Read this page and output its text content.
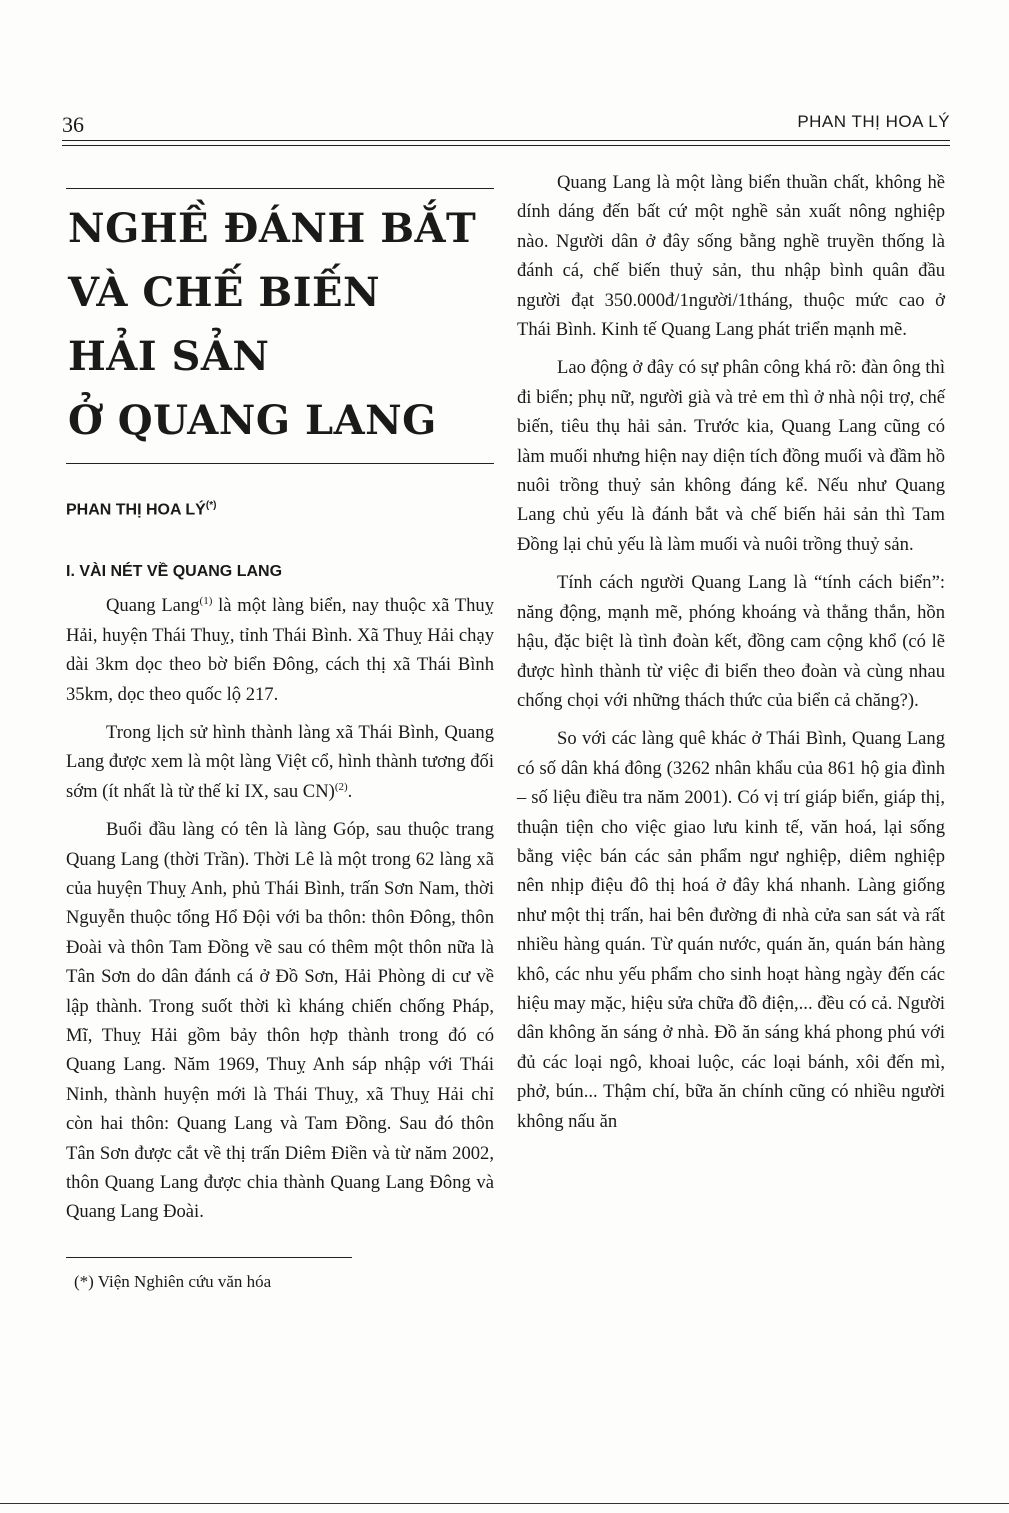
36	PHAN THỊ HOA LÝ
NGHỀ ĐÁNH BẮT
VÀ CHẾ BIẾN
HẢI SẢN
Ở QUANG LANG
PHAN THỊ HOA LÝ(*)
I. VÀI NÉT VỀ QUANG LANG

Quang Lang$^{(1)}$ là một làng biển, nay thuộc xã Thuỵ Hải, huyện Thái Thuỵ, tỉnh Thái Bình. Xã Thuỵ Hải chạy dài 3km dọc theo bờ biển Đông, cách thị xã Thái Bình 35km, dọc theo quốc lộ 217.

Trong lịch sử hình thành làng xã Thái Bình, Quang Lang được xem là một làng Việt cổ, hình thành tương đối sớm (ít nhất là từ thế kỉ IX, sau CN)$^{(2)}$.

Buổi đầu làng có tên là làng Góp, sau thuộc trang Quang Lang (thời Trần). Thời Lê là một trong 62 làng xã của huyện Thuỵ Anh, phủ Thái Bình, trấn Sơn Nam, thời Nguyễn thuộc tổng Hổ Đội với ba thôn: thôn Đông, thôn Đoài và thôn Tam Đồng về sau có thêm một thôn nữa là Tân Sơn do dân đánh cá ở Đồ Sơn, Hải Phòng di cư về lập thành. Trong suốt thời kì kháng chiến chống Pháp, Mĩ, Thuỵ Hải gồm bảy thôn hợp thành trong đó có Quang Lang. Năm 1969, Thuỵ Anh sáp nhập với Thái Ninh, thành huyện mới là Thái Thuỵ, xã Thuỵ Hải chỉ còn hai thôn: Quang Lang và Tam Đồng. Sau đó thôn Tân Sơn được cắt về thị trấn Diêm Điền và từ năm 2002, thôn Quang Lang được chia thành Quang Lang Đông và Quang Lang Đoài.

(*) Viện Nghiên cứu văn hóa

Quang Lang là một làng biển thuần chất, không hề dính dáng đến bất cứ một nghề sản xuất nông nghiệp nào. Người dân ở đây sống bằng nghề truyền thống là đánh cá, chế biến thuỷ sản, thu nhập bình quân đầu người đạt 350.000đ/1người/1tháng, thuộc mức cao ở Thái Bình. Kinh tế Quang Lang phát triển mạnh mẽ.

Lao động ở đây có sự phân công khá rõ: đàn ông thì đi biển; phụ nữ, người già và trẻ em thì ở nhà nội trợ, chế biến, tiêu thụ hải sản. Trước kia, Quang Lang cũng có làm muối nhưng hiện nay diện tích đồng muối và đầm hồ nuôi trồng thuỷ sản không đáng kể. Nếu như Quang Lang chủ yếu là đánh bắt và chế biến hải sản thì Tam Đồng lại chủ yếu là làm muối và nuôi trồng thuỷ sản.

Tính cách người Quang Lang là “tính cách biển”: năng động, mạnh mẽ, phóng khoáng và thẳng thắn, hồn hậu, đặc biệt là tình đoàn kết, đồng cam cộng khổ (có lẽ được hình thành từ việc đi biển theo đoàn và cùng nhau chống chọi với những thách thức của biển cả chăng?).

So với các làng quê khác ở Thái Bình, Quang Lang có số dân khá đông (3262 nhân khẩu của 861 hộ gia đình – số liệu điều tra năm 2001). Có vị trí giáp biển, giáp thị, thuận tiện cho việc giao lưu kinh tế, văn hoá, lại sống bằng việc bán các sản phẩm ngư nghiệp, diêm nghiệp nên nhịp điệu đô thị hoá ở đây khá nhanh. Làng giống như một thị trấn, hai bên đường đi nhà cửa san sát và rất nhiều hàng quán. Từ quán nước, quán ăn, quán bán hàng khô, các nhu yếu phẩm cho sinh hoạt hàng ngày đến các hiệu may mặc, hiệu sửa chữa đồ điện,... đều có cả. Người dân không ăn sáng ở nhà. Đồ ăn sáng khá phong phú với đủ các loại ngô, khoai luộc, các loại bánh, xôi đến mì, phở, bún... Thậm chí, bữa ăn chính cũng có nhiều người không nấu ăn
